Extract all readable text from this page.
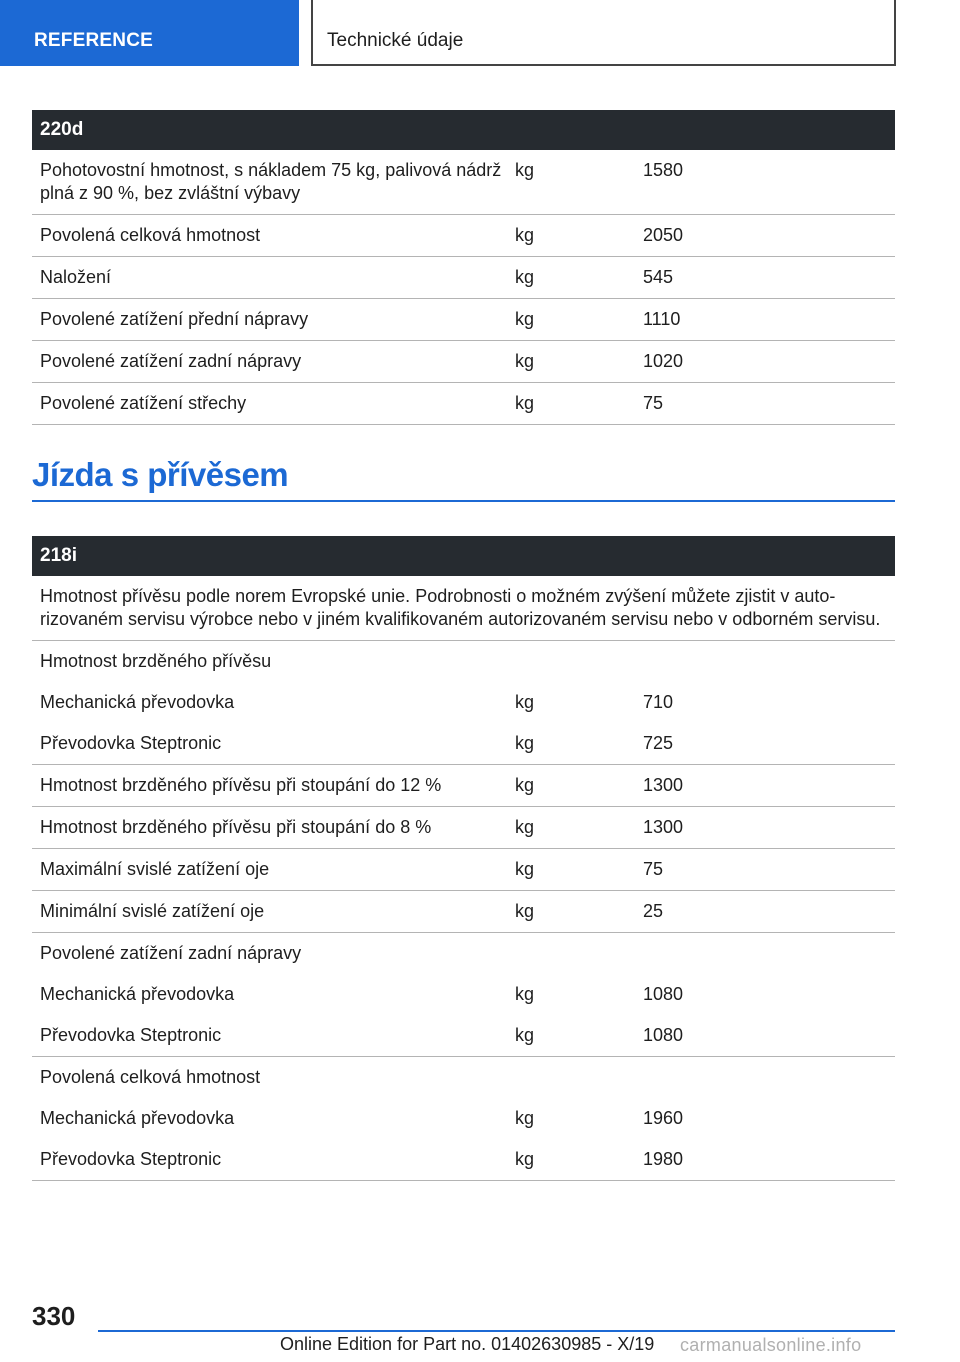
REFERENCE	Technické údaje
220d		
Pohotovostní hmotnost, s nákladem 75 kg, palivová nádrž plná z 90 %, bez zvláštní výbavy	kg	1580
Povolená celková hmotnost	kg	2050
Naložení	kg	545
Povolené zatížení přední nápravy	kg	1110
Povolené zatížení zadní nápravy	kg	1020
Povolené zatížení střechy	kg	75
Jízda s přívěsem
218i		
Hmotnost přívěsu podle norem Evropské unie. Podrobnosti o možném zvýšení můžete zjistit v autorizovaném servisu výrobce nebo v jiném kvalifikovaném autorizovaném servisu nebo v odborném servisu.		
Hmotnost brzděného přívěsu		
Mechanická převodovka	kg	710
Převodovka Steptronic	kg	725
Hmotnost brzděného přívěsu při stoupání do 12 %	kg	1300
Hmotnost brzděného přívěsu při stoupání do 8 %	kg	1300
Maximální svislé zatížení oje	kg	75
Minimální svislé zatížení oje	kg	25
Povolené zatížení zadní nápravy		
Mechanická převodovka	kg	1080
Převodovka Steptronic	kg	1080
Povolená celková hmotnost		
Mechanická převodovka	kg	1960
Převodovka Steptronic	kg	1980
330
Online Edition for Part no. 01402630985 - X/19 carmanualsonline.info
